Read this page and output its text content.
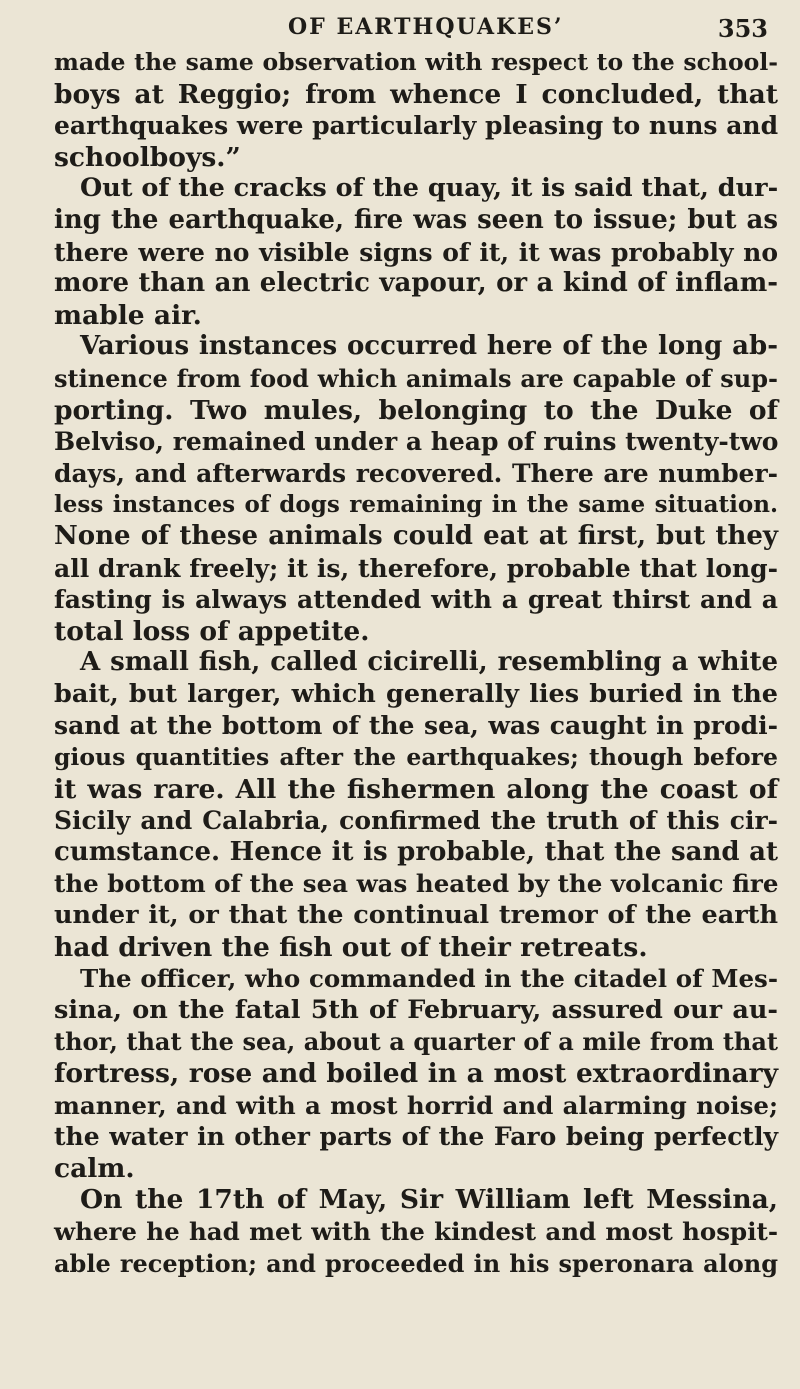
OF EARTHQUAKES’	353
made the same observation with respect to the school-
boys at Reggio; from whence I concluded, that
earthquakes were particularly pleasing to nuns and
schoolboys.”
Out of the cracks of the quay, it is said that, dur-
ing the earthquake, fire was seen to issue; but as
there were no visible signs of it, it was probably no
more than an electric vapour, or a kind of inflam-
mable air.
Various instances occurred here of the long ab-
stinence from food which animals are capable of sup-
porting. Two mules, belonging to the Duke of
Belviso, remained under a heap of ruins twenty-two
days, and afterwards recovered. There are number-
less instances of dogs remaining in the same situation.
None of these animals could eat at first, but they
all drank freely; it is, therefore, probable that long-
fasting is always attended with a great thirst and a
total loss of appetite.
A small fish, called cicirelli, resembling a white
bait, but larger, which generally lies buried in the
sand at the bottom of the sea, was caught in prodi-
gious quantities after the earthquakes; though before
it was rare. All the fishermen along the coast of
Sicily and Calabria, confirmed the truth of this cir-
cumstance. Hence it is probable, that the sand at
the bottom of the sea was heated by the volcanic fire
under it, or that the continual tremor of the earth
had driven the fish out of their retreats.
The officer, who commanded in the citadel of Mes-
sina, on the fatal 5th of February, assured our au-
thor, that the sea, about a quarter of a mile from that
fortress, rose and boiled in a most extraordinary
manner, and with a most horrid and alarming noise;
the water in other parts of the Faro being perfectly
calm.
On the 17th of May, Sir William left Messina,
where he had met with the kindest and most hospit-
able reception; and proceeded in his speronara along
